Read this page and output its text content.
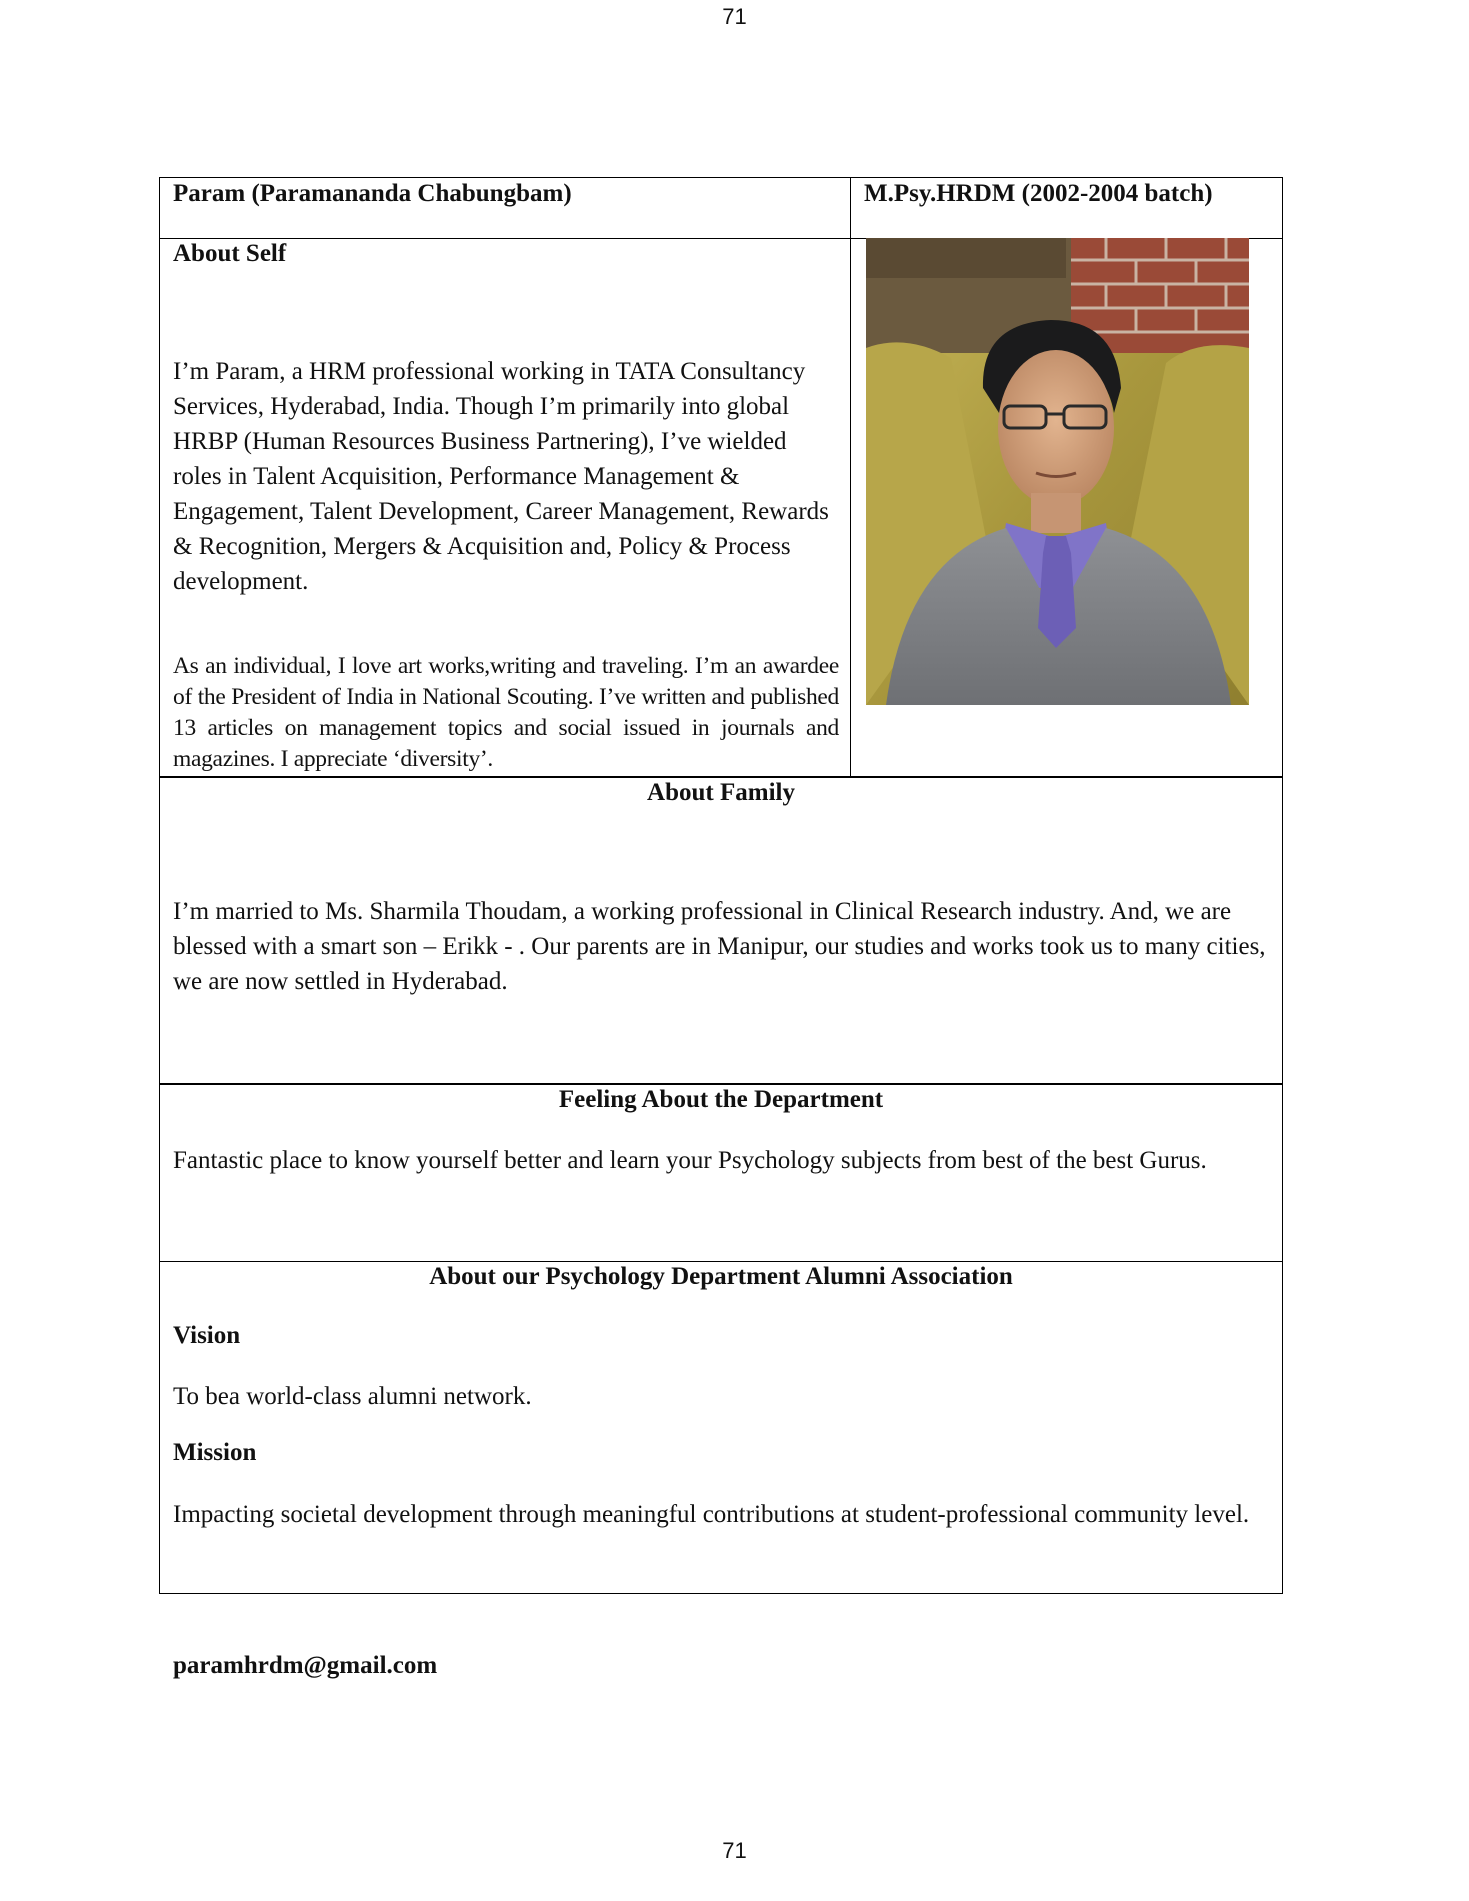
71
Param (Paramananda Chabungbam)	M.Psy.HRDM (2002-2004 batch)
About Self
I’m Param, a HRM professional working in TATA Consultancy Services, Hyderabad, India. Though I’m primarily into global HRBP (Human Resources Business Partnering), I’ve wielded roles in Talent Acquisition, Performance Management & Engagement, Talent Development, Career Management, Rewards & Recognition, Mergers & Acquisition and, Policy & Process development.
As an individual, I love art works,writing and traveling. I’m an awardee of the President of India in National Scouting. I’ve written and published 13 articles on management topics and social issued in journals and magazines. I appreciate ‘diversity’.
About Family
I’m married to Ms. Sharmila Thoudam, a working professional in Clinical Research industry. And, we are blessed with a smart son – Erikk - . Our parents are in Manipur, our studies and works took us to many cities, we are now settled in Hyderabad.
Feeling About the Department
Fantastic place to know yourself better and learn your Psychology subjects from best of the best Gurus.
About our Psychology Department Alumni Association
Vision
To bea world-class alumni network.
Mission
Impacting societal development through meaningful contributions at student-professional community level.
paramhrdm@gmail.com
71
